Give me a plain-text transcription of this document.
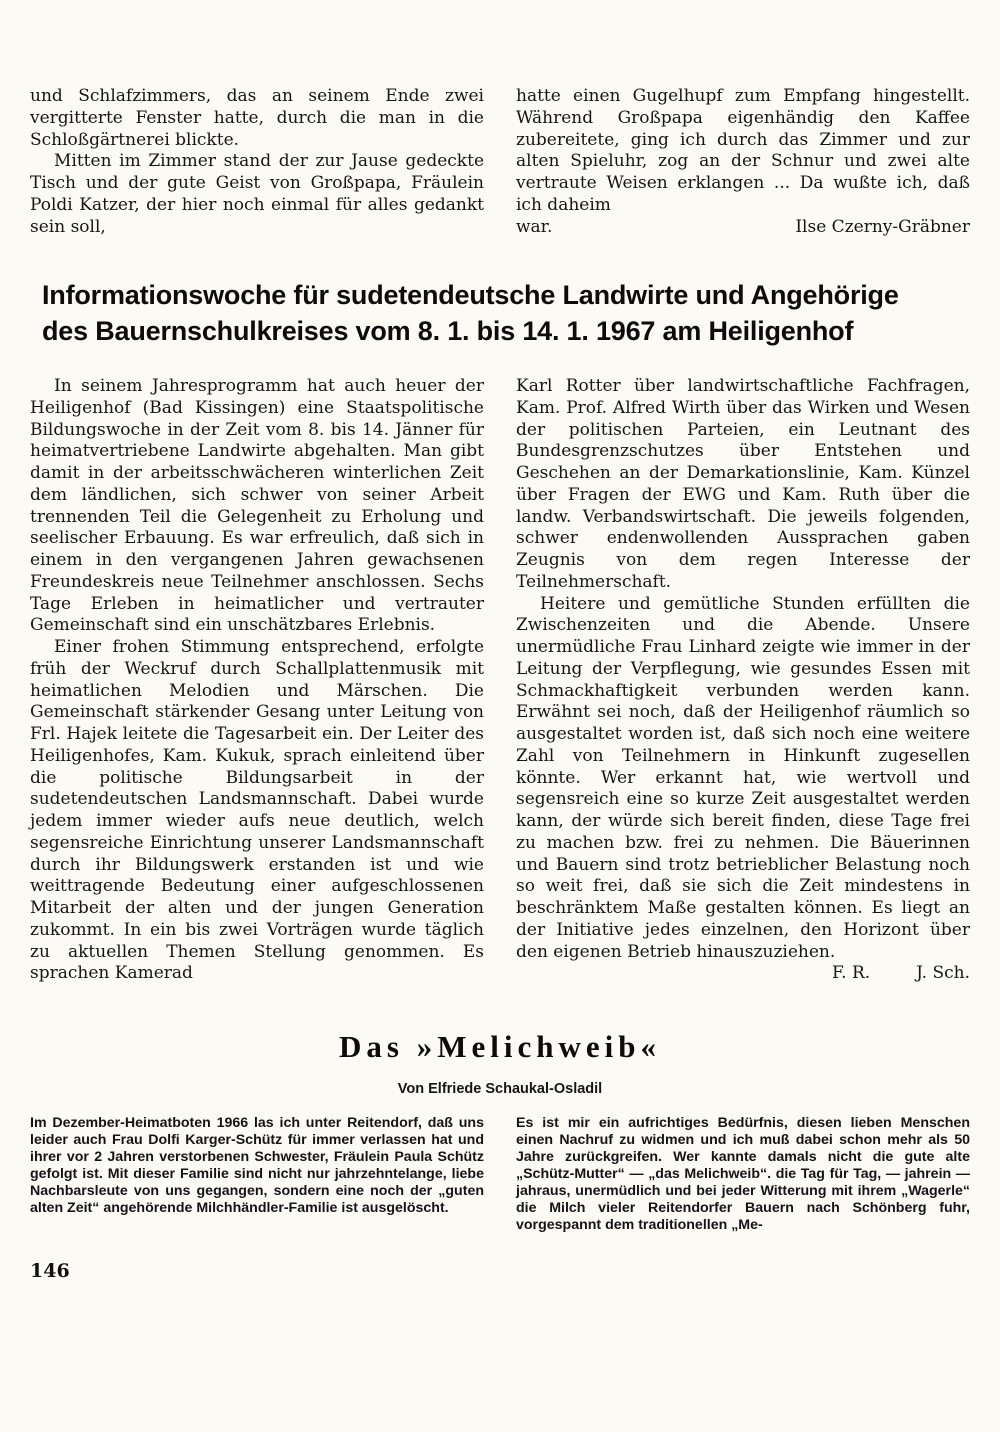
und Schlafzimmers, das an seinem Ende zwei vergitterte Fenster hatte, durch die man in die Schloßgärtnerei blickte.

Mitten im Zimmer stand der zur Jause gedeckte Tisch und der gute Geist von Großpapa, Fräulein Poldi Katzer, der hier noch einmal für alles gedankt sein soll,

hatte einen Gugelhupf zum Empfang hingestellt. Während Großpapa eigenhändig den Kaffee zubereitete, ging ich durch das Zimmer und zur alten Spieluhr, zog an der Schnur und zwei alte vertraute Weisen erklangen ... Da wußte ich, daß ich daheim

war.	Ilse Czerny-Gräbner
Informationswoche für sudetendeutsche Landwirte und Angehörige
des Bauernschulkreises vom 8. 1. bis 14. 1. 1967 am Heiligenhof

In seinem Jahresprogramm hat auch heuer der Heiligenhof (Bad Kissingen) eine Staatspolitische Bildungswoche in der Zeit vom 8. bis 14. Jänner für heimatvertriebene Landwirte abgehalten. Man gibt damit in der arbeitsschwächeren winterlichen Zeit dem ländlichen, sich schwer von seiner Arbeit trennenden Teil die Gelegenheit zu Erholung und seelischer Erbauung. Es war erfreulich, daß sich in einem in den vergangenen Jahren gewachsenen Freundeskreis neue Teilnehmer anschlossen. Sechs Tage Erleben in heimatlicher und vertrauter Gemeinschaft sind ein unschätzbares Erlebnis.

Einer frohen Stimmung entsprechend, erfolgte früh der Weckruf durch Schallplattenmusik mit heimatlichen Melodien und Märschen. Die Gemeinschaft stärkender Gesang unter Leitung von Frl. Hajek leitete die Tagesarbeit ein. Der Leiter des Heiligenhofes, Kam. Kukuk, sprach einleitend über die politische Bildungsarbeit in der sudetendeutschen Landsmannschaft. Dabei wurde jedem immer wieder aufs neue deutlich, welch segensreiche Einrichtung unserer Landsmannschaft durch ihr Bildungswerk erstanden ist und wie weittragende Bedeutung einer aufgeschlossenen Mitarbeit der alten und der jungen Generation zukommt. In ein bis zwei Vorträgen wurde täglich zu aktuellen Themen Stellung genommen. Es sprachen Kamerad

Karl Rotter über landwirtschaftliche Fachfragen, Kam. Prof. Alfred Wirth über das Wirken und Wesen der politischen Parteien, ein Leutnant des Bundesgrenzschutzes über Entstehen und Geschehen an der Demarkationslinie, Kam. Künzel über Fragen der EWG und Kam. Ruth über die landw. Verbandswirtschaft. Die jeweils folgenden, schwer endenwollenden Aussprachen gaben Zeugnis von dem regen Interesse der Teilnehmerschaft.

Heitere und gemütliche Stunden erfüllten die Zwischenzeiten und die Abende. Unsere unermüdliche Frau Linhard zeigte wie immer in der Leitung der Verpflegung, wie gesundes Essen mit Schmackhaftigkeit verbunden werden kann. Erwähnt sei noch, daß der Heiligenhof räumlich so ausgestaltet worden ist, daß sich noch eine weitere Zahl von Teilnehmern in Hinkunft zugesellen könnte. Wer erkannt hat, wie wertvoll und segensreich eine so kurze Zeit ausgestaltet werden kann, der würde sich bereit finden, diese Tage frei zu machen bzw. frei zu nehmen. Die Bäuerinnen und Bauern sind trotz betrieblicher Belastung noch so weit frei, daß sie sich die Zeit mindestens in beschränktem Maße gestalten können. Es liegt an der Initiative jedes einzelnen, den Horizont über den eigenen Betrieb hinauszuziehen.

F. R.	J. Sch.
Das »Melichweib«
Von Elfriede Schaukal-Osladil

Im Dezember-Heimatboten 1966 las ich unter Reitendorf, daß uns leider auch Frau Dolfi Karger-Schütz für immer verlassen hat und ihrer vor 2 Jahren verstorbenen Schwester, Fräulein Paula Schütz gefolgt ist. Mit dieser Familie sind nicht nur jahrzehntelange, liebe Nachbarsleute von uns gegangen, sondern eine noch der „guten alten Zeit“ angehörende Milchhändler-Familie ist ausgelöscht.

Es ist mir ein aufrichtiges Bedürfnis, diesen lieben Menschen einen Nachruf zu widmen und ich muß dabei schon mehr als 50 Jahre zurückgreifen. Wer kannte damals nicht die gute alte „Schütz-Mutter“ — „das Melichweib“. die Tag für Tag, — jahrein — jahraus, unermüdlich und bei jeder Witterung mit ihrem „Wagerle“ die Milch vieler Reitendorfer Bauern nach Schönberg fuhr, vorgespannt dem traditionellen „Me-

146
